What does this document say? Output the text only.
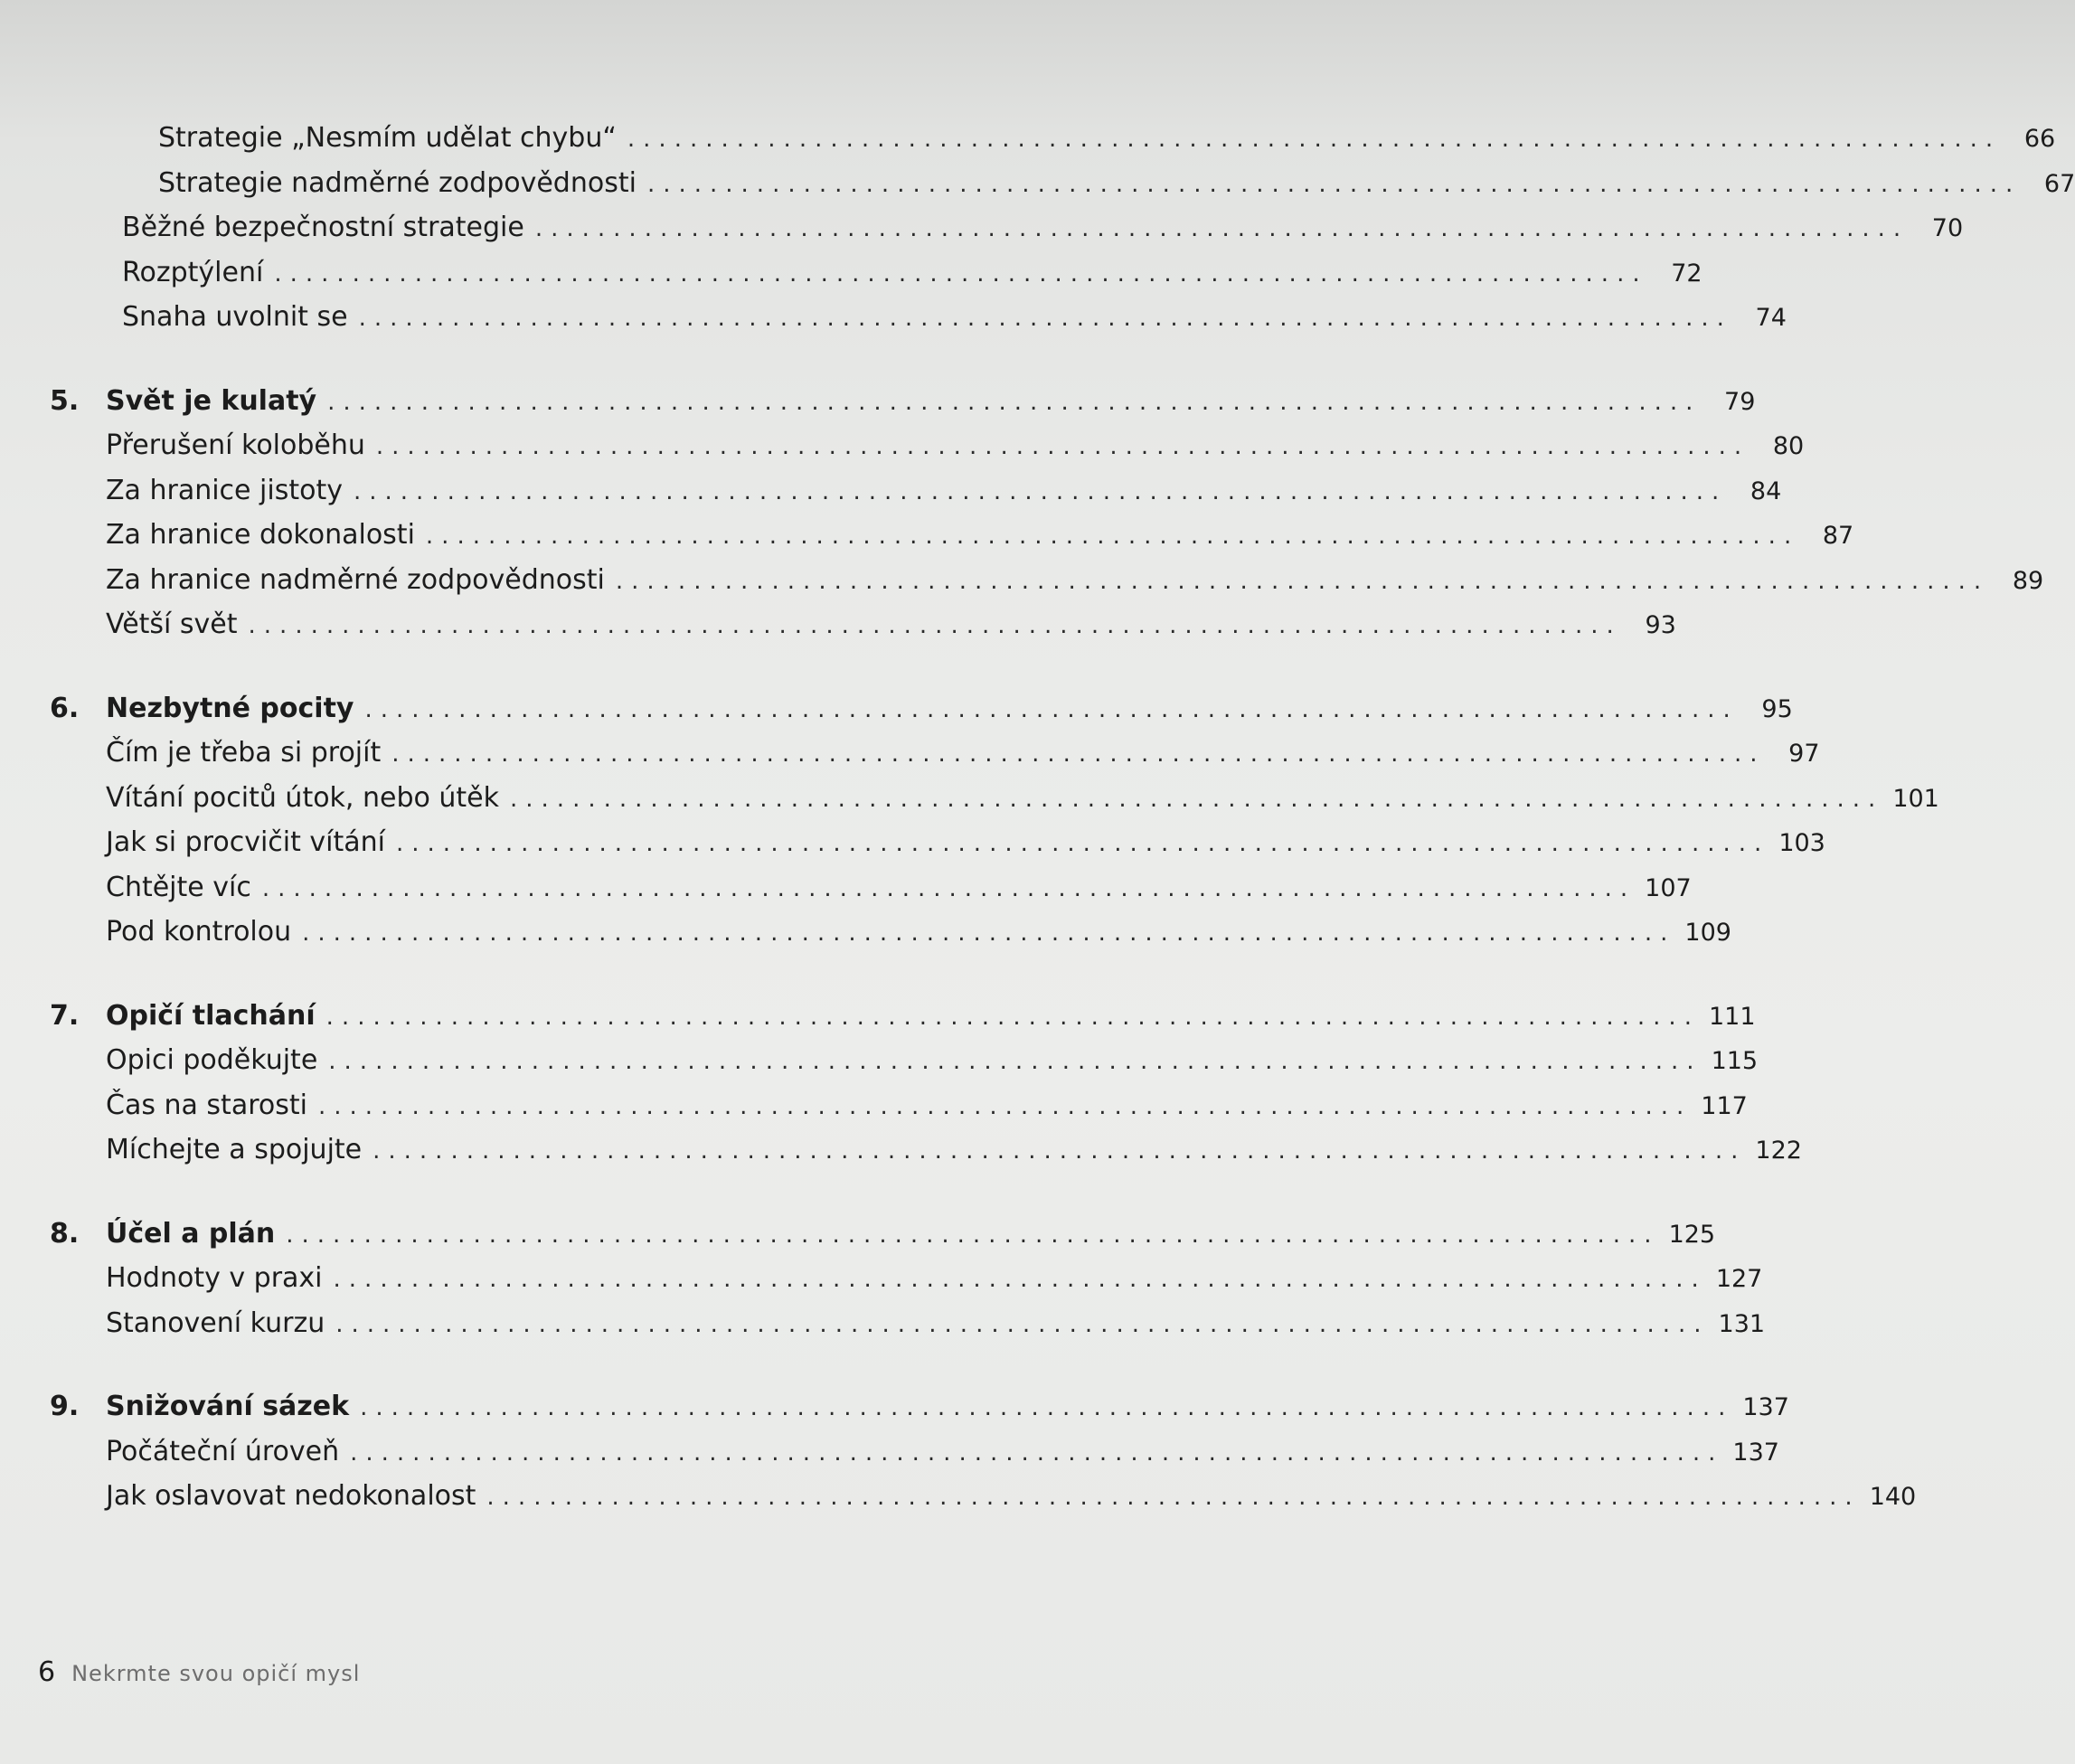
Strategie „Nesmím udělat chybu“ ........................................................................................ 66
Strategie nadměrné zodpovědnosti ........................................................................................ 67
Běžné bezpečnostní strategie ........................................................................................ 70
Rozptýlení ........................................................................................ 72
Snaha uvolnit se ........................................................................................ 74
5. Svět je kulatý ........................................................................................ 79
Přerušení koloběhu ........................................................................................ 80
Za hranice jistoty ........................................................................................ 84
Za hranice dokonalosti ........................................................................................ 87
Za hranice nadměrné zodpovědnosti ........................................................................................ 89
Větší svět ........................................................................................ 93
6. Nezbytné pocity ........................................................................................ 95
Čím je třeba si projít ........................................................................................ 97
Vítání pocitů útok, nebo útěk ........................................................................................ 101
Jak si procvičit vítání ........................................................................................ 103
Chtějte víc ........................................................................................ 107
Pod kontrolou ........................................................................................ 109
7. Opičí tlachání ........................................................................................ 111
Opici poděkujte ........................................................................................ 115
Čas na starosti ........................................................................................ 117
Míchejte a spojujte ........................................................................................ 122
8. Účel a plán ........................................................................................ 125
Hodnoty v praxi ........................................................................................ 127
Stanovení kurzu ........................................................................................ 131
9. Snižování sázek ........................................................................................ 137
Počáteční úroveň ........................................................................................ 137
Jak oslavovat nedokonalost ........................................................................................ 140
6 Nekrmte svou opičí mysl
